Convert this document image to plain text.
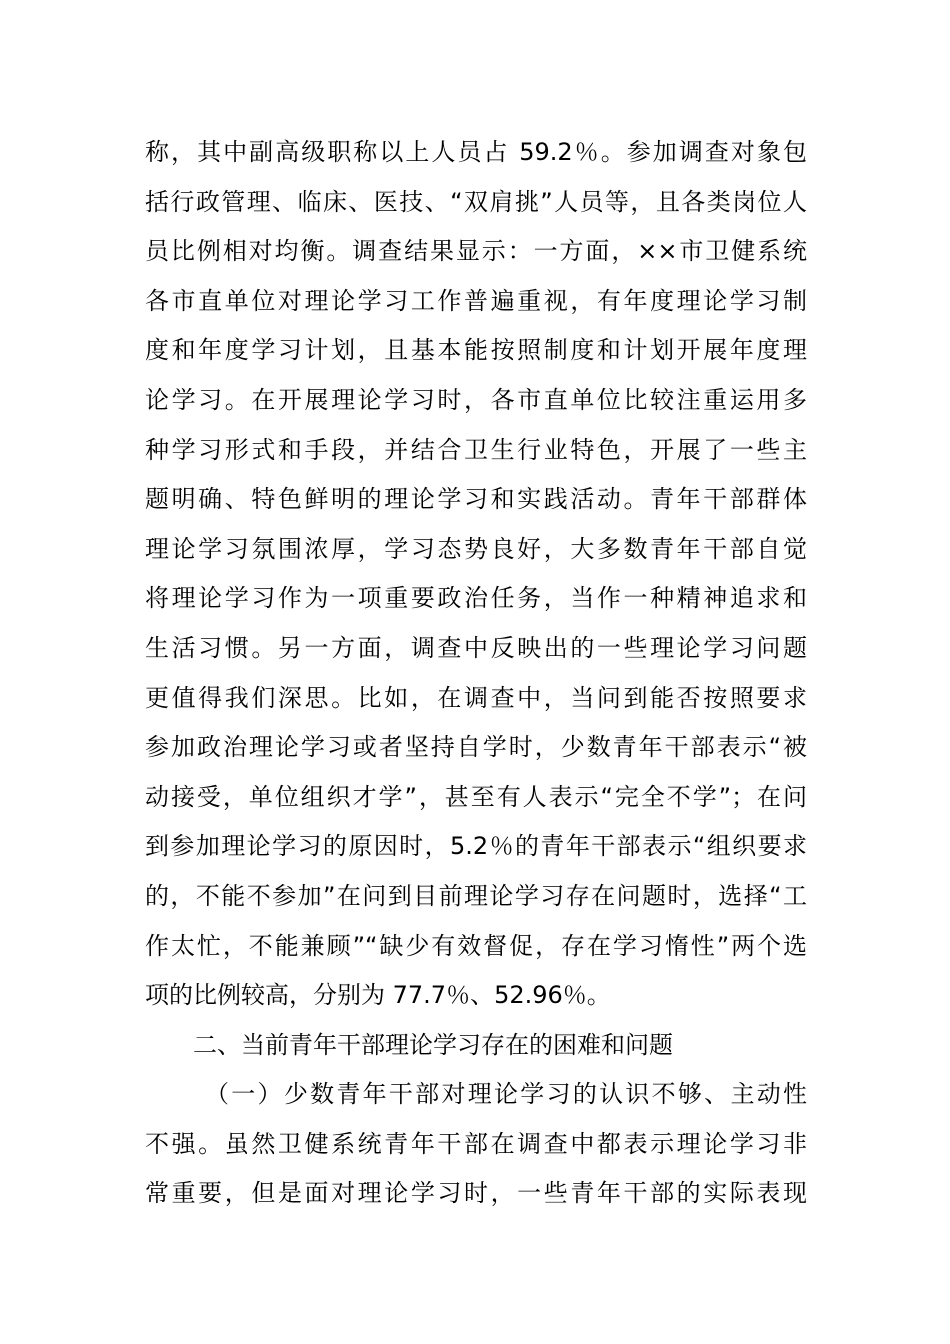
称，其中副高级职称以上人员占 59.2％。参加调查对象包
括行政管理、临床、医技、“双肩挑”人员等，且各类岗位人
员比例相对均衡。调查结果显示：一方面，××市卫健系统
各市直单位对理论学习工作普遍重视，有年度理论学习制
度和年度学习计划，且基本能按照制度和计划开展年度理
论学习。在开展理论学习时，各市直单位比较注重运用多
种学习形式和手段，并结合卫生行业特色，开展了一些主
题明确、特色鲜明的理论学习和实践活动。青年干部群体
理论学习氛围浓厚，学习态势良好，大多数青年干部自觉
将理论学习作为一项重要政治任务，当作一种精神追求和
生活习惯。另一方面，调查中反映出的一些理论学习问题
更值得我们深思。比如，在调查中，当问到能否按照要求
参加政治理论学习或者坚持自学时，少数青年干部表示“被
动接受，单位组织才学”，甚至有人表示“完全不学”；在问
到参加理论学习的原因时，5.2％的青年干部表示“组织要求
的，不能不参加”在问到目前理论学习存在问题时，选择“工
作太忙，不能兼顾”“缺少有效督促，存在学习惰性”两个选
项的比例较高，分别为 77.7％、52.96％。
二、当前青年干部理论学习存在的困难和问题
（一）少数青年干部对理论学习的认识不够、主动性
不强。虽然卫健系统青年干部在调查中都表示理论学习非
常重要，但是面对理论学习时，一些青年干部的实际表现
